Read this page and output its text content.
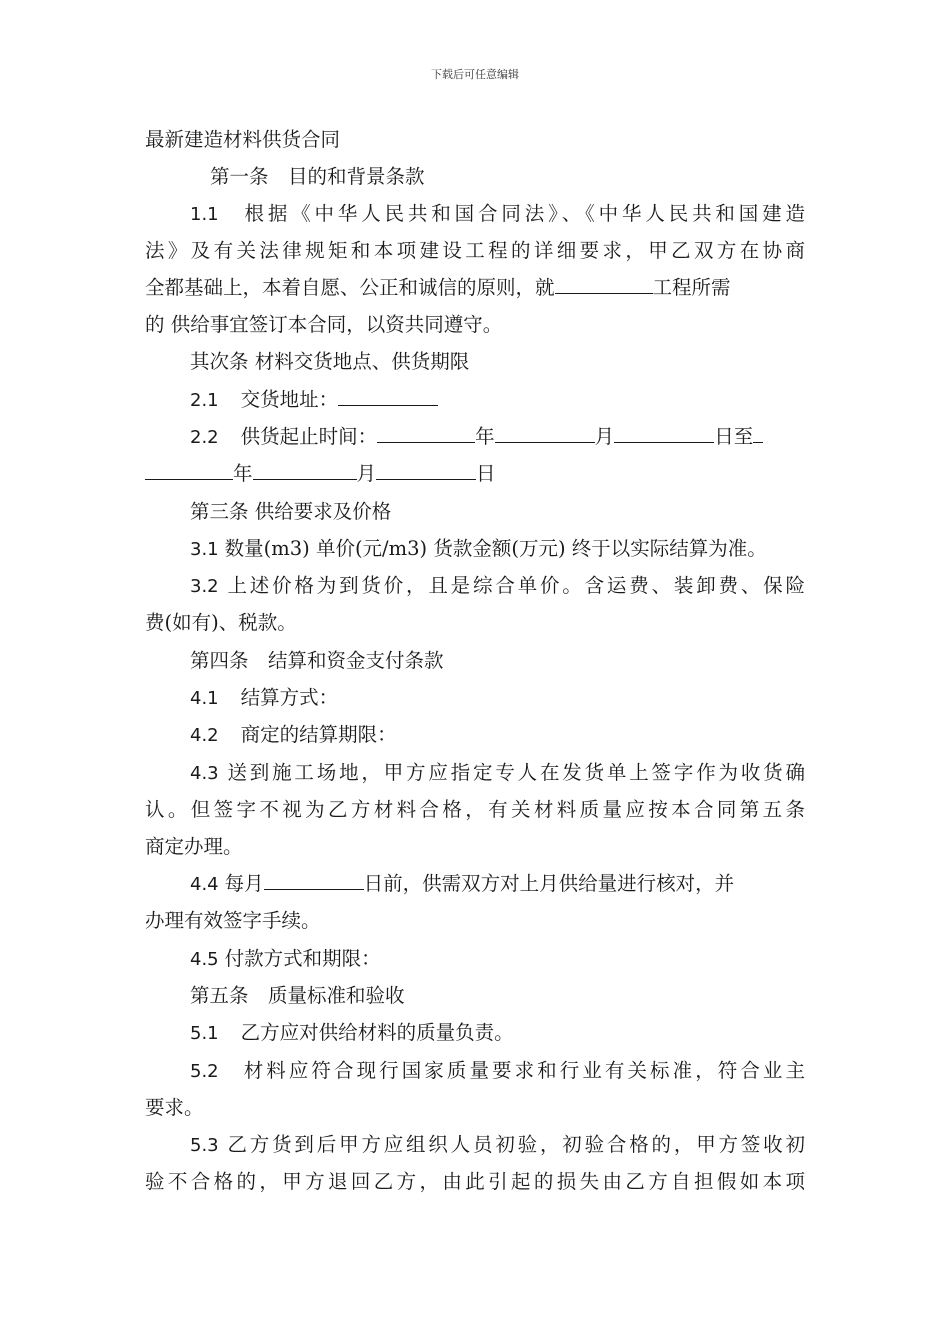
下载后可任意编辑
最新建造材料供货合同
第一条　目的和背景条款
1.1 根据《中华人民共和国合同法》、《中华人民共和国建造
法》及有关法律规矩和本项建设工程的详细要求，甲乙双方在协商
全都基础上，本着自愿、公正和诚信的原则，就	工程所需
的 供给事宜签订本合同，以资共同遵守。
其次条 材料交货地点、供货期限
2.1 交货地址：
2.2 供货起止时间：	年	月	日至
年	月	日
第三条 供给要求及价格
3.1 数量(m3) 单价(元/m3) 货款金额(万元) 终于以实际结算为准。
3.2 上述价格为到货价，且是综合单价。含运费、装卸费、保险
费(如有)、税款。
第四条　结算和资金支付条款
4.1 结算方式：
4.2 商定的结算期限：
4.3 送到施工场地，甲方应指定专人在发货单上签字作为收货确
认。但签字不视为乙方材料合格，有关材料质量应按本合同第五条
商定办理。
4.4 每月	日前，供需双方对上月供给量进行核对，并
办理有效签字手续。
4.5 付款方式和期限：
第五条　质量标准和验收
5.1 乙方应对供给材料的质量负责。
5.2 材料应符合现行国家质量要求和行业有关标准，符合业主
要求。
5.3 乙方货到后甲方应组织人员初验，初验合格的，甲方签收初
验不合格的，甲方退回乙方，由此引起的损失由乙方自担假如本项
